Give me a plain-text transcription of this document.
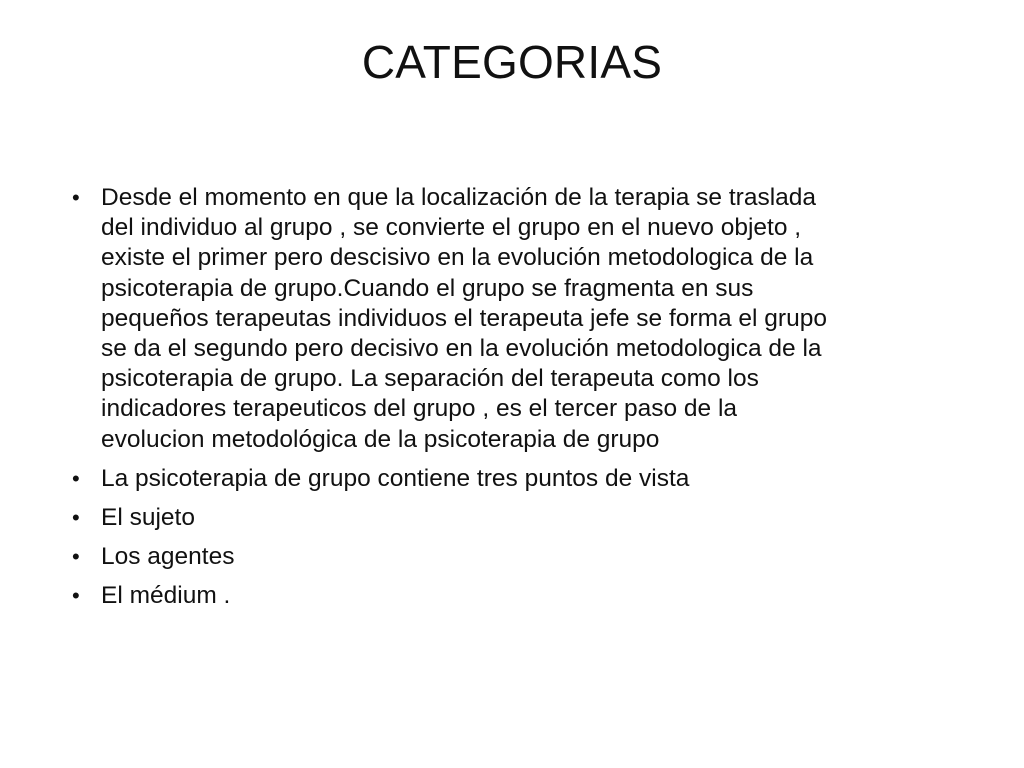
CATEGORIAS
• Desde el momento en que la localización de la terapia se traslada
del individuo al grupo , se convierte el grupo en el nuevo objeto ,
existe el primer pero descisivo en la evolución metodologica de la
psicoterapia de grupo.Cuando el grupo se fragmenta en sus
pequeños terapeutas individuos el terapeuta jefe se forma el grupo
se da el segundo pero decisivo en la evolución metodologica de la
psicoterapia de grupo. La separación del terapeuta como los
indicadores terapeuticos del grupo , es el tercer paso de la
evolucion metodológica de la psicoterapia de grupo
• La psicoterapia de grupo contiene tres puntos de vista
• El sujeto
• Los agentes
• El médium .
